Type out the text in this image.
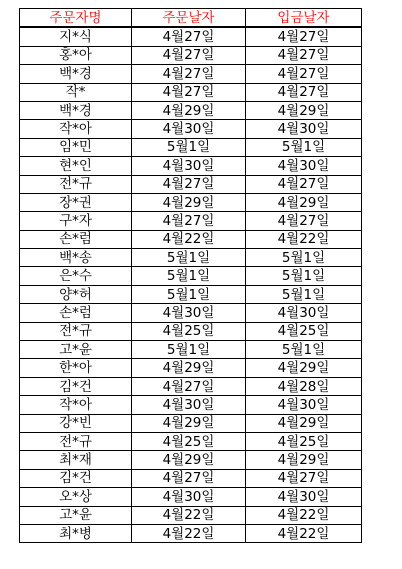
주문자명	주문날자	입금날자
지*식	4월27일	4월27일
홍*아	4월27일	4월27일
백*경	4월27일	4월27일
작*	4월27일	4월27일
백*경	4월29일	4월29일
작*아	4월30일	4월30일
임*민	5월1일	5월1일
현*인	4월30일	4월30일
전*규	4월27일	4월27일
장*권	4월29일	4월29일
구*자	4월27일	4월27일
손*럼	4월22일	4월22일
백*송	5월1일	5월1일
은*수	5월1일	5월1일
양*허	5월1일	5월1일
손*럼	4월30일	4월30일
전*규	4월25일	4월25일
고*윤	5월1일	5월1일
한*아	4월29일	4월29일
김*건	4월27일	4월28일
작*아	4월30일	4월30일
강*빈	4월29일	4월29일
전*규	4월25일	4월25일
최*재	4월29일	4월29일
김*건	4월27일	4월27일
오*상	4월30일	4월30일
고*윤	4월22일	4월22일
최*병	4월22일	4월22일
